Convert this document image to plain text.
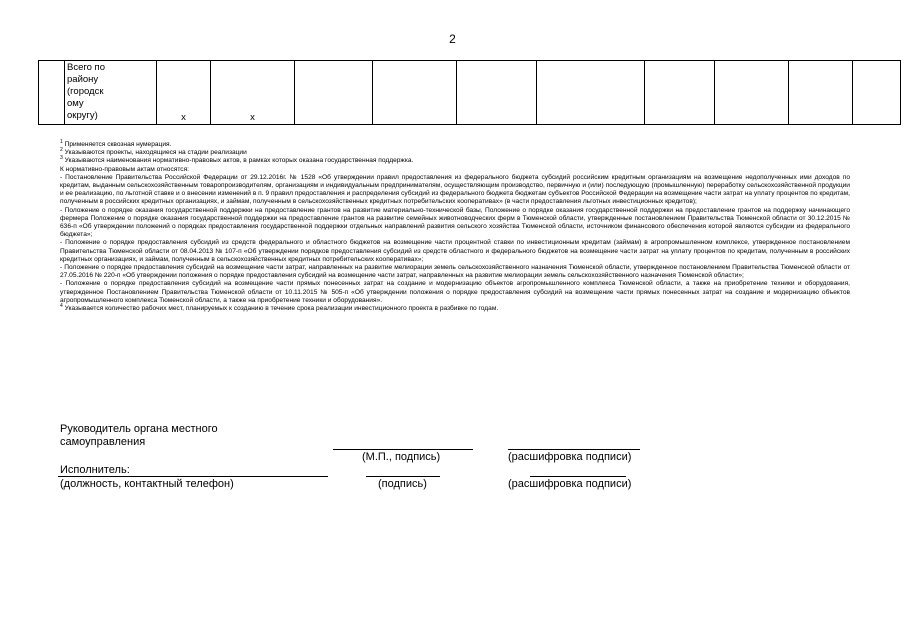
2

Всего по
району
(городск
ому
округу)	x	x								

$^1$ Применяется сквозная нумерация.

$^2$ Указываются проекты, находящиеся на стадии реализации

$^3$ Указываются наименования нормативно-правовых актов, в рамках которых оказана государственная поддержка.

К нормативно-правовым актам относятся:

- Постановление Правительства Российской Федерации от 29.12.2016г. № 1528 «Об утверждении правил предоставления из федерального бюджета субсидий российским кредитным организациям на возмещение недополученных ими доходов по кредитам, выданным сельскохозяйственным товаропроизводителям, организациям и индивидуальным предпринимателям, осуществляющим производство, первичную и (или) последующую (промышленную) переработку сельскохозяйственной продукции и ее реализацию, по льготной ставке и о внесении изменений в п. 9 правил предоставления и распределения субсидий из федерального бюджета бюджетам субъектов Российской Федерации на возмещение части затрат на уплату процентов по кредитам, полученным в российских кредитных организациях, и займам, полученным в сельскохозяйственных кредитных потребительских кооперативах» (в части предоставления льготных инвестиционных кредитов);

- Положение о порядке оказания государственной поддержки на предоставление грантов на развитие материально-технической базы, Положение о порядке оказания государственной поддержки на предоставление грантов на поддержку начинающего фермера Положение о порядке оказания государственной поддержки на предоставление грантов на развитие семейных животноводческих ферм в Тюменской области, утвержденные постановлением Правительства Тюменской области от 30.12.2015 № 636-п «Об утверждении положений о порядках предоставления государственной поддержки отдельных направлений развития сельского хозяйства Тюменской области, источником финансового обеспечения которой являются субсидии из федерального бюджета»;

- Положение о порядке предоставления субсидий из средств федерального и областного бюджетов на возмещение части процентной ставки по инвестиционным кредитам (займам) в агропромышленном комплексе, утвержденное постановлением Правительства Тюменской области от 08.04.2013 № 107-п «Об утверждении порядков предоставления субсидий из средств областного и федерального бюджетов на возмещение части затрат на уплату процентов по кредитам, полученным в российских кредитных организациях, и займам, полученным в сельскохозяйственных кредитных потребительских кооперативах»;

- Положение о порядке предоставления субсидий на возмещение части затрат, направленных на развитие мелиорации земель сельскохозяйственного назначения Тюменской области, утвержденное постановлением Правительства Тюменской области от 27.05.2016 № 220-п «Об утверждении положения о порядке предоставления субсидий на возмещение части затрат, направленных на развитие мелиорации земель сельскохозяйственного назначения Тюменской области»;

- Положение о порядке предоставления субсидий на возмещение части прямых понесенных затрат на создание и модернизацию объектов агропромышленного комплекса Тюменской области, а также на приобретение техники и оборудования, утвержденное Постановлением Правительства Тюменской области от 10.11.2015 № 505-п «Об утверждении положения о порядке предоставления субсидий на возмещение части прямых понесенных затрат на создание и модернизацию объектов агропромышленного комплекса Тюменской области, а также на приобретение техники и оборудования».

$^4$ Указывается количество рабочих мест, планируемых к созданию в течение срока реализации инвестиционного проекта в разбивке по годам.

Руководитель органа местного
самоуправления
(М.П., подпись)	(расшифровка подписи)
Исполнитель:
(должность, контактный телефон)	(подпись)	(расшифровка подписи)
